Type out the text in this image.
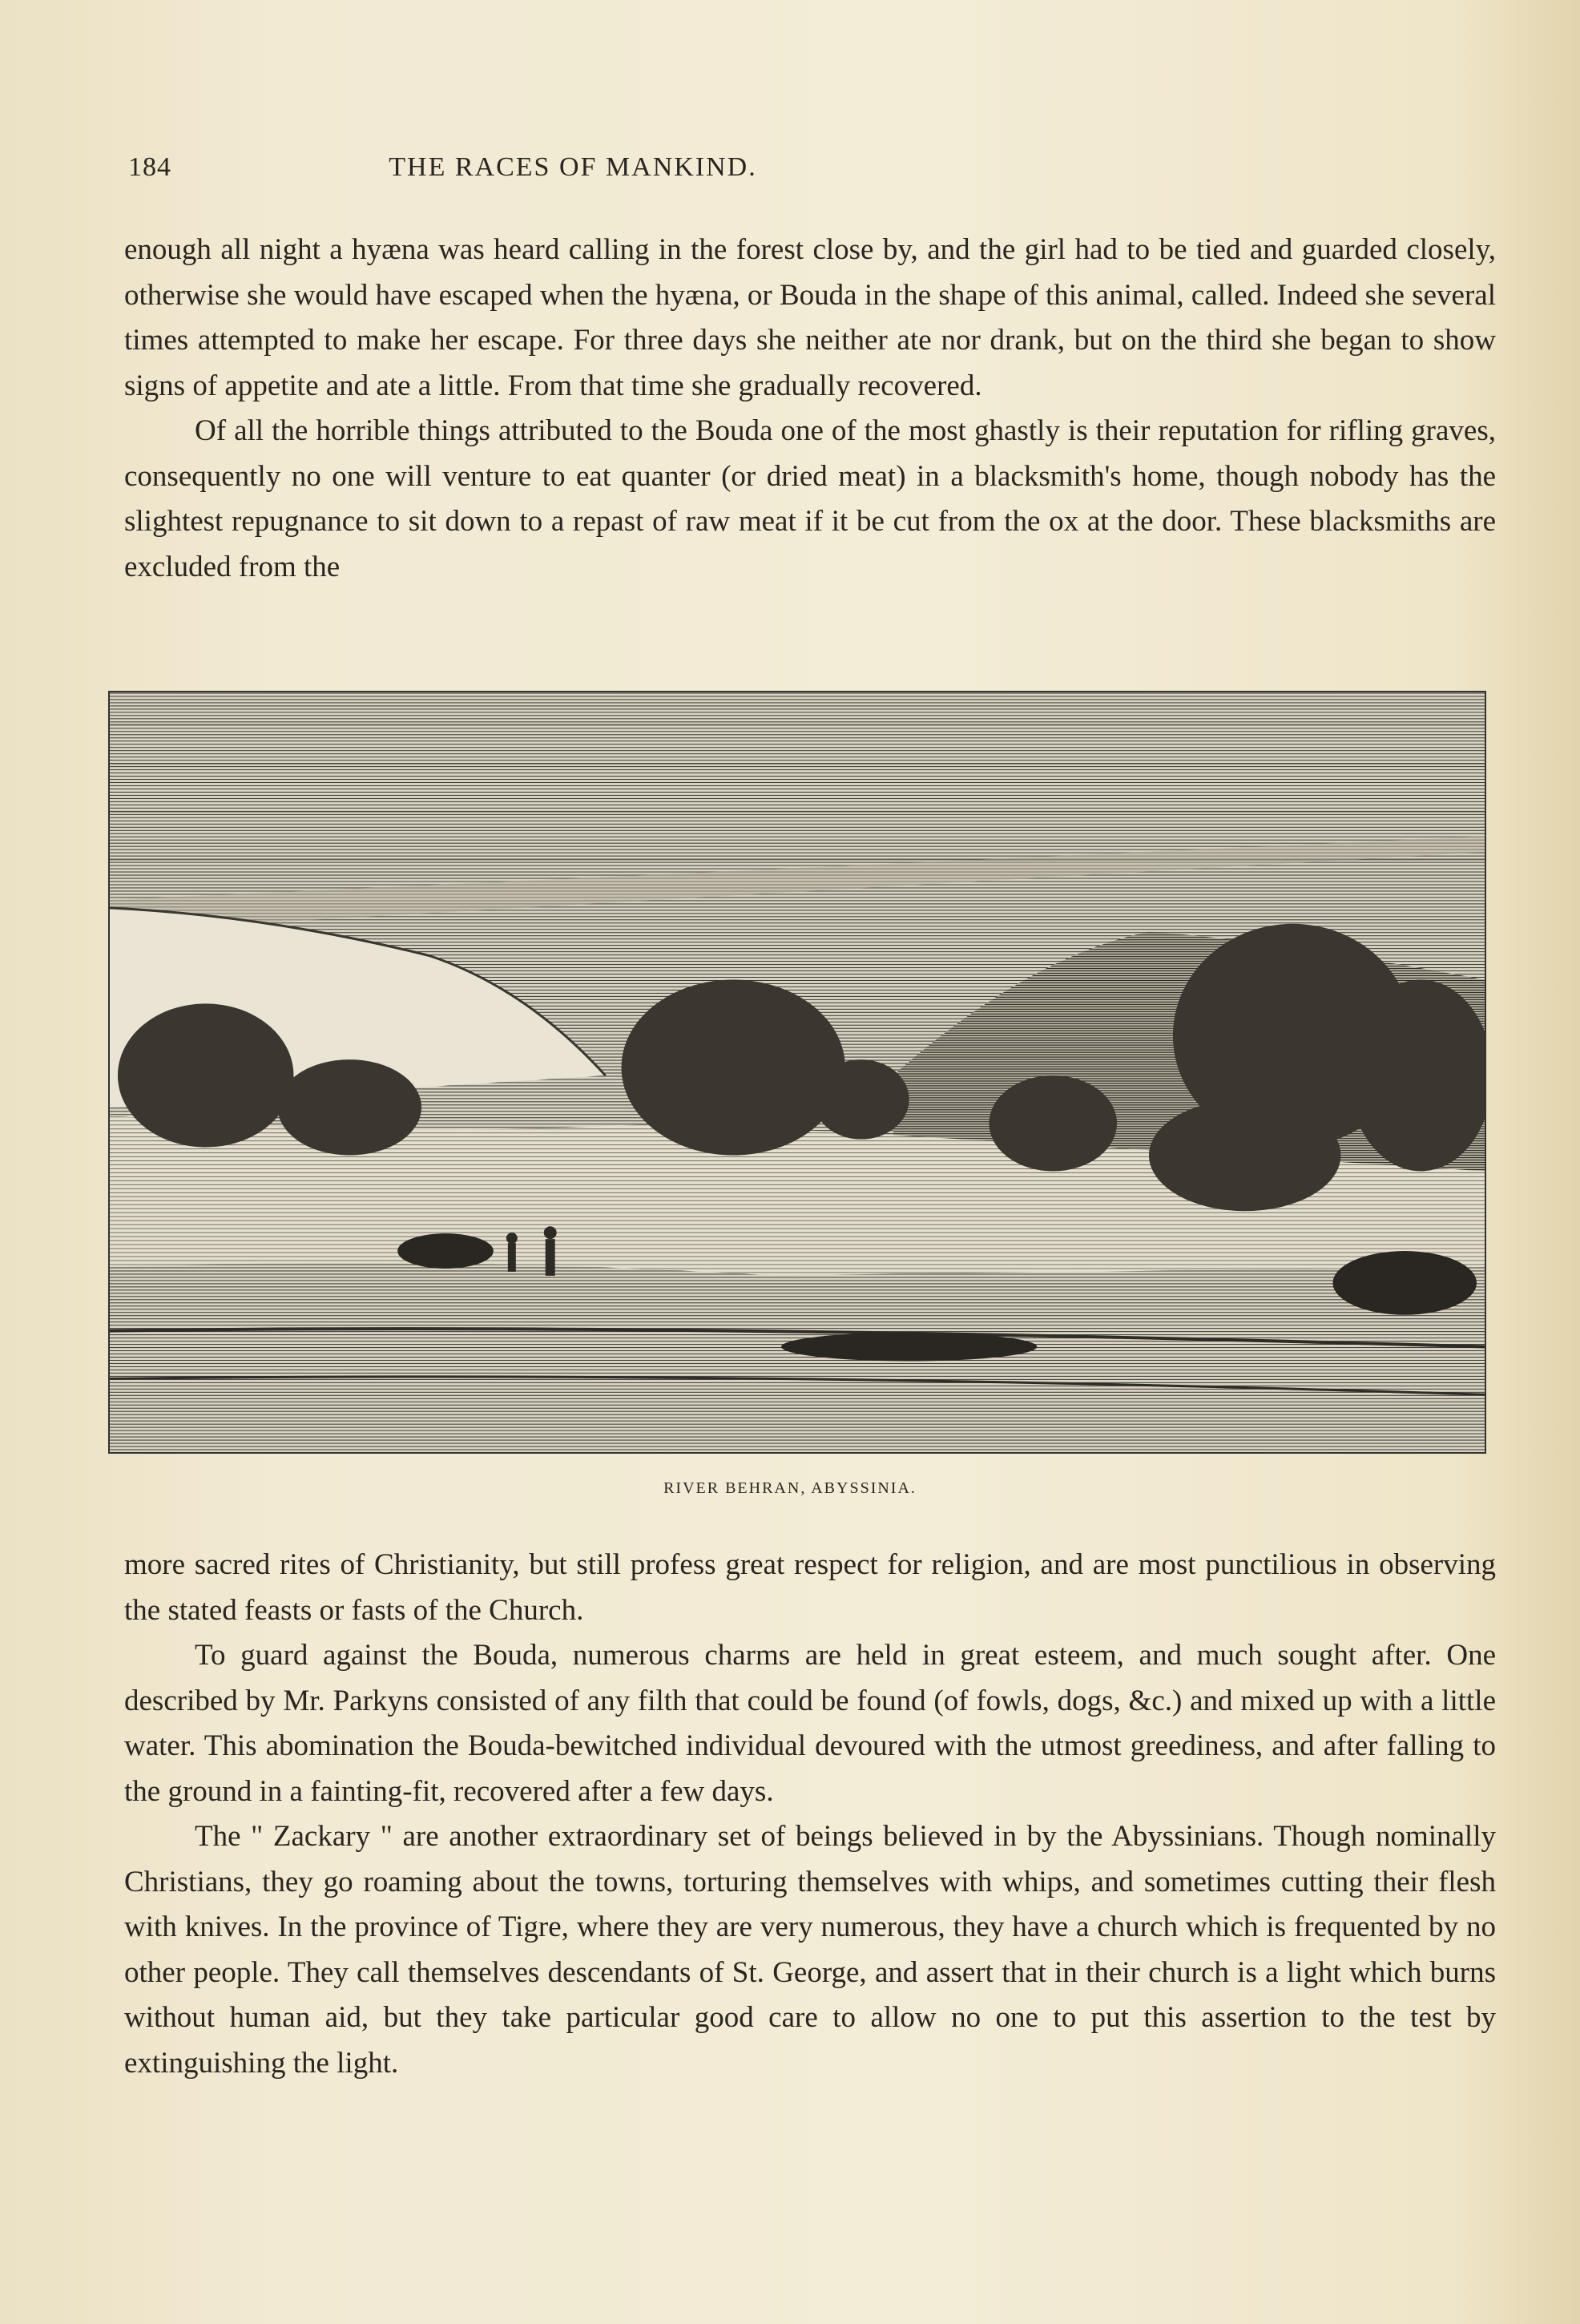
184	THE RACES OF MANKIND.

enough all night a hyæna was heard calling in the forest close by, and the girl had to be tied and guarded closely, otherwise she would have escaped when the hyæna, or Bouda in the shape of this animal, called. Indeed she several times attempted to make her escape. For three days she neither ate nor drank, but on the third she began to show signs of appetite and ate a little. From that time she gradually recovered.

Of all the horrible things attributed to the Bouda one of the most ghastly is their reputation for rifling graves, consequently no one will venture to eat quanter (or dried meat) in a blacksmith's home, though nobody has the slightest repugnance to sit down to a repast of raw meat if it be cut from the ox at the door. These blacksmiths are excluded from the

RIVER BEHRAN, ABYSSINIA.

more sacred rites of Christianity, but still profess great respect for religion, and are most punctilious in observing the stated feasts or fasts of the Church.

To guard against the Bouda, numerous charms are held in great esteem, and much sought after. One described by Mr. Parkyns consisted of any filth that could be found (of fowls, dogs, &c.) and mixed up with a little water. This abomination the Bouda-bewitched individual devoured with the utmost greediness, and after falling to the ground in a fainting-fit, recovered after a few days.

The " Zackary " are another extraordinary set of beings believed in by the Abyssinians. Though nominally Christians, they go roaming about the towns, torturing themselves with whips, and sometimes cutting their flesh with knives. In the province of Tigre, where they are very numerous, they have a church which is frequented by no other people. They call themselves descendants of St. George, and assert that in their church is a light which burns without human aid, but they take particular good care to allow no one to put this assertion to the test by extinguishing the light.
